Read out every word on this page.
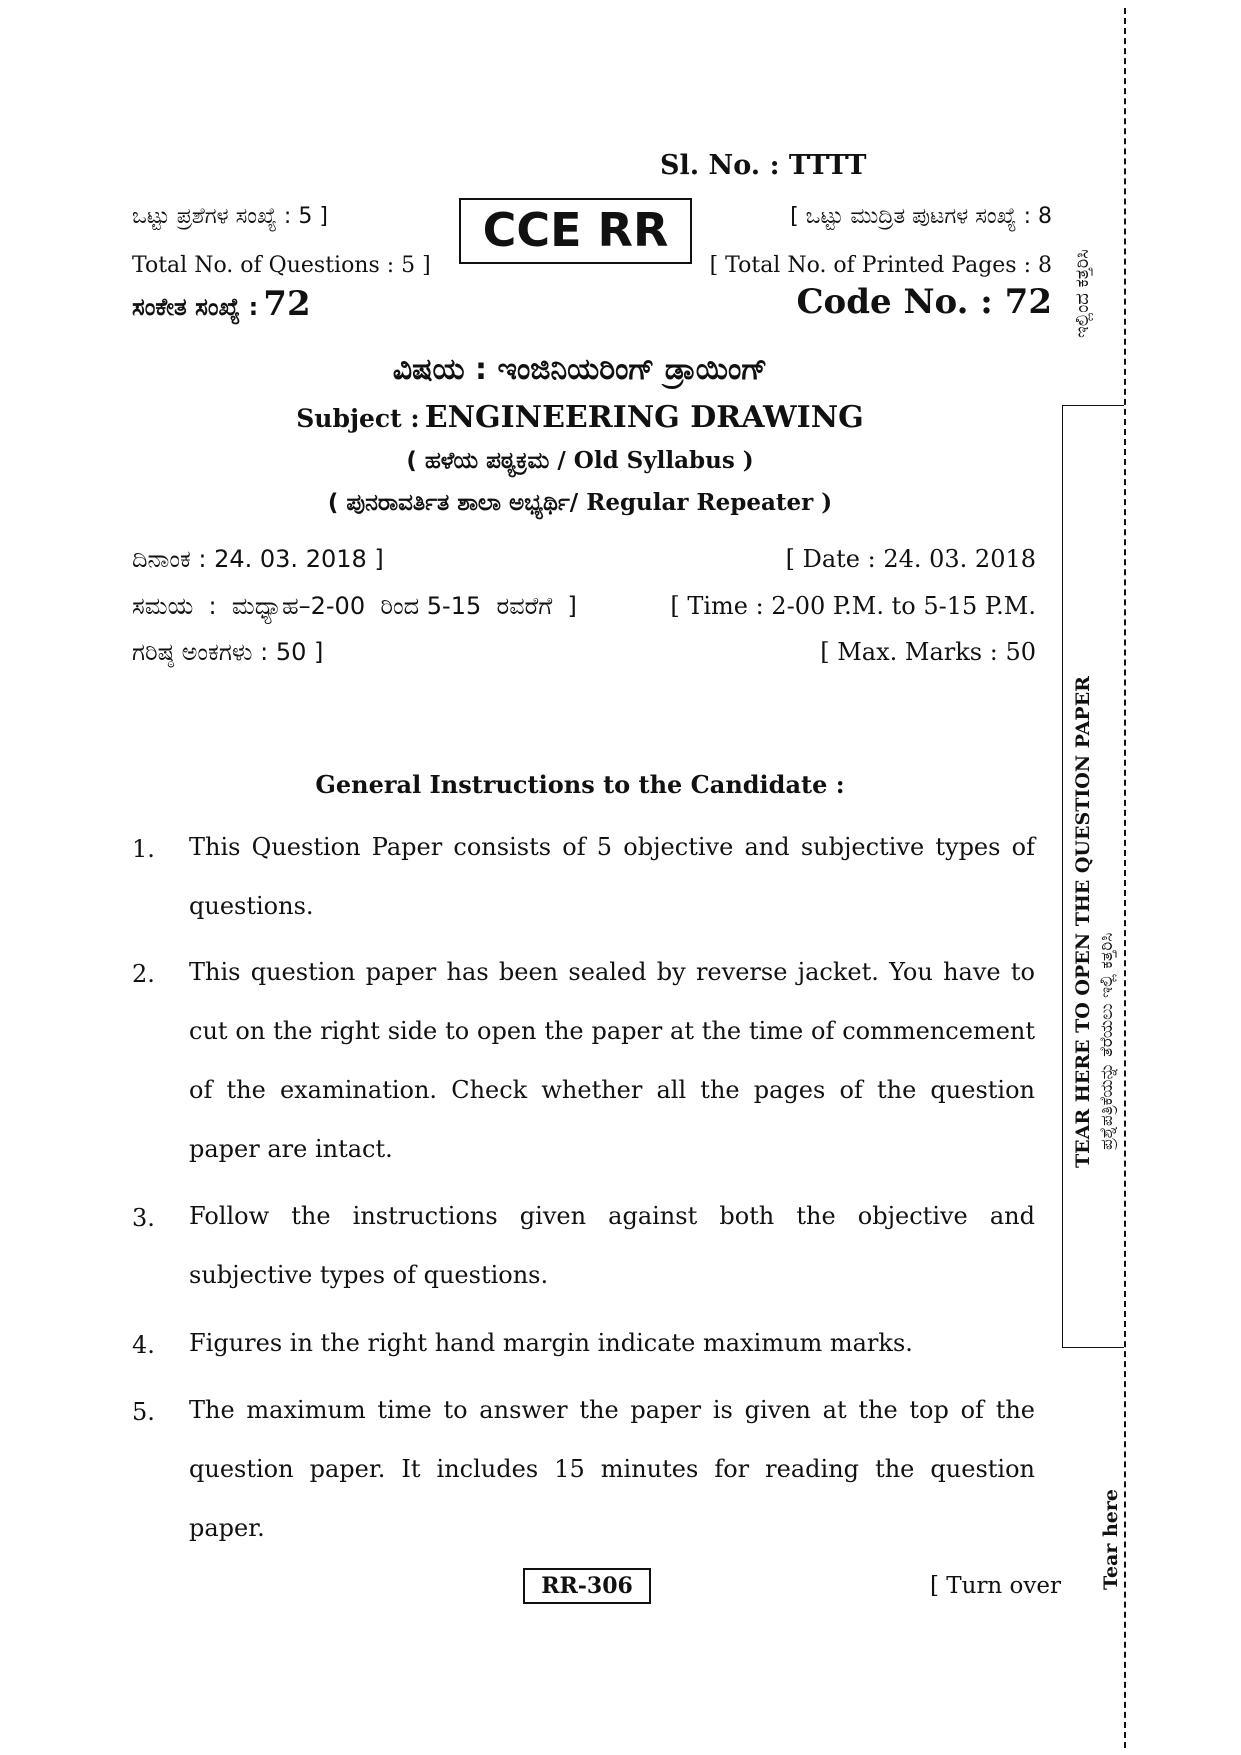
Sl. No. : TTTT
ಒಟ್ಟು ಪ್ರಶೆಗಳ ಸಂಖ್ಯೆ : 5 ]
Total No. of Questions : 5 ]
CCE RR	[ ಒಟ್ಟು ಮುದ್ರಿತ ಪುಟಗಳ ಸಂಖ್ಯೆ : 8
[ Total No. of Printed Pages : 8
ಸಂಕೇತ ಸಂಖ್ಯೆ : 72	Code No. : 72
ವಿಷಯ : ಇಂಜಿನಿಯರಿಂಗ್ ಡ್ರಾಯಿಂಗ್
Subject : ENGINEERING DRAWING
( ಹಳೆಯ ಪಠ್ಯಕ್ರಮ / Old Syllabus )
( ಪುನರಾವರ್ತಿತ ಶಾಲಾ ಅಭ್ಯರ್ಥಿ/ Regular Repeater )
ದಿನಾಂಕ : 24. 03. 2018 ]	[ Date : 24. 03. 2018
ಸಮಯ  :  ಮಧ್ಯಾಹ–2-00  ರಿಂದ 5-15  ರವರೆಗೆ  ]	[ Time : 2-00 P.M. to 5-15 P.M.
ಗರಿಷ್ಠ ಅಂಕಗಳು : 50 ]	[ Max. Marks : 50
General Instructions to the Candidate :
1. This Question Paper consists of 5 objective and subjective types of questions.
2. This question paper has been sealed by reverse jacket. You have to cut on the right side to open the paper at the time of commencement of the examination. Check whether all the pages of the question paper are intact.
3. Follow the instructions given against both the objective and subjective types of questions.
4. Figures in the right hand margin indicate maximum marks.
5. The maximum time to answer the paper is given at the top of the question paper. It includes 15 minutes for reading the question paper.
RR-306	[ Turn over
ಇಲ್ಲಿಂದ ಕತ್ತರಿಸಿ
TEAR HERE TO OPEN THE QUESTION PAPER ಪ್ರಶ್ನೆಪತ್ರಿಕೆಯನ್ನು ತೆರೆಯಲು ಇಲ್ಲಿ ಕತ್ತರಿಸಿ
Tear here
